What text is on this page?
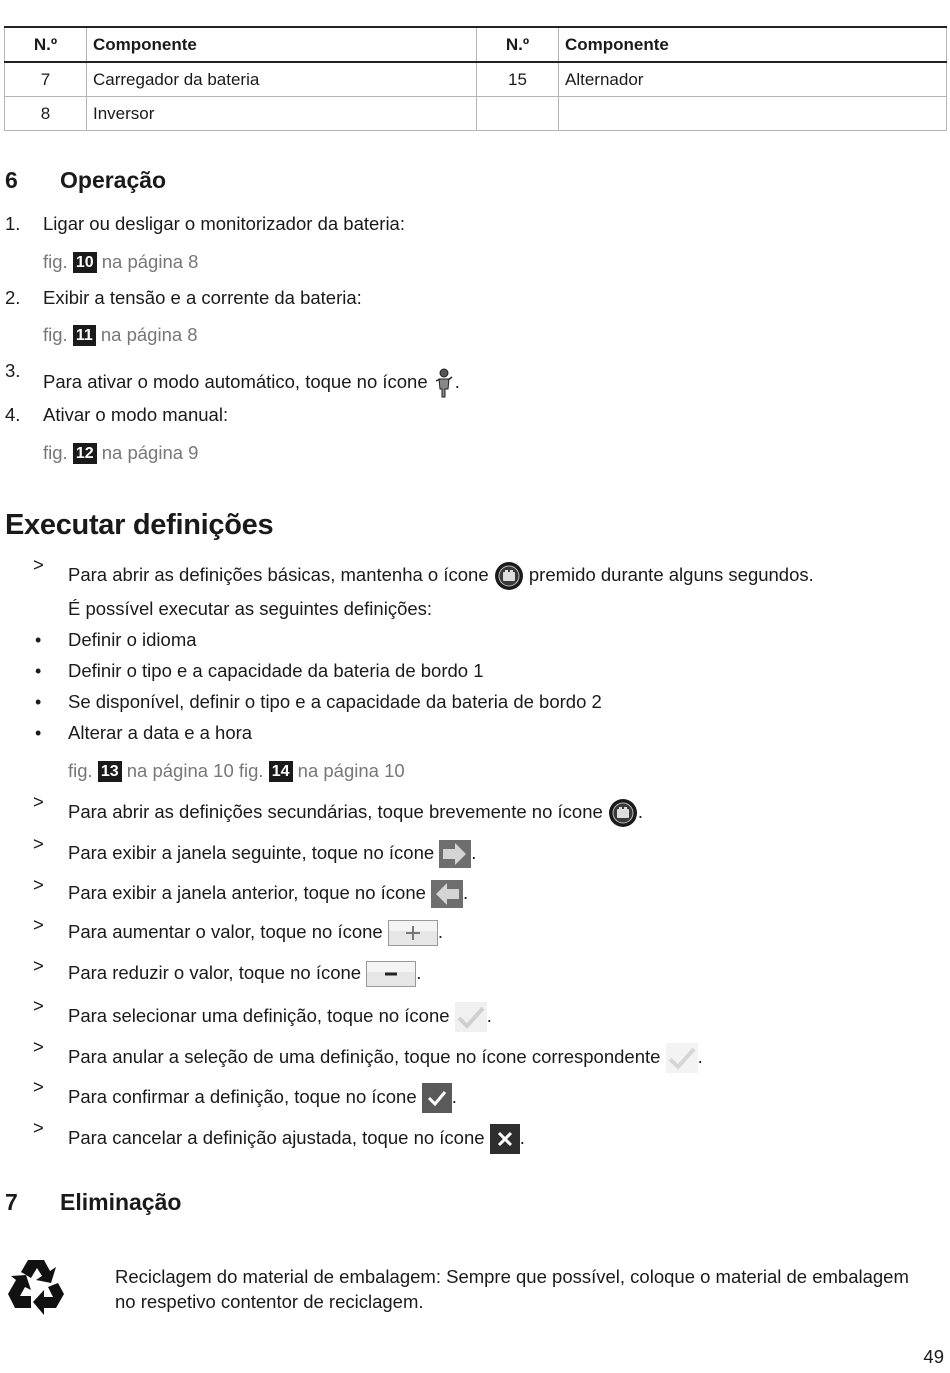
N.º	Componente	N.º	Componente
7	Carregador da bateria	15	Alternador
8	Inversor		
6 Operação
1. Ligar ou desligar o monitorizador da bateria:
fig. 10 na página 8
2. Exibir a tensão e a corrente da bateria:
fig. 11 na página 8
3.
Para ativar o modo automático, toque no ícone .
4. Ativar o modo manual:
fig. 12 na página 9
Executar definições
> Para abrir as definições básicas, mantenha o ícone premido durante alguns segundos.
É possível executar as seguintes definições:
• Definir o idioma
• Definir o tipo e a capacidade da bateria de bordo 1
• Se disponível, definir o tipo e a capacidade da bateria de bordo 2
• Alterar a data e a hora
fig. 13 na página 10 fig. 14 na página 10
> Para abrir as definições secundárias, toque brevemente no ícone .
> Para exibir a janela seguinte, toque no ícone .
> Para exibir a janela anterior, toque no ícone .
> Para aumentar o valor, toque no ícone	.
> Para reduzir o valor, toque no ícone	.
> Para selecionar uma definição, toque no ícone .
> Para anular a seleção de uma definição, toque no ícone correspondente .
> Para confirmar a definição, toque no ícone .
> Para cancelar a definição ajustada, toque no ícone .
7 Eliminação
Reciclagem do material de embalagem: Sempre que possível, coloque o material de embalagem
no respetivo contentor de reciclagem.
49
